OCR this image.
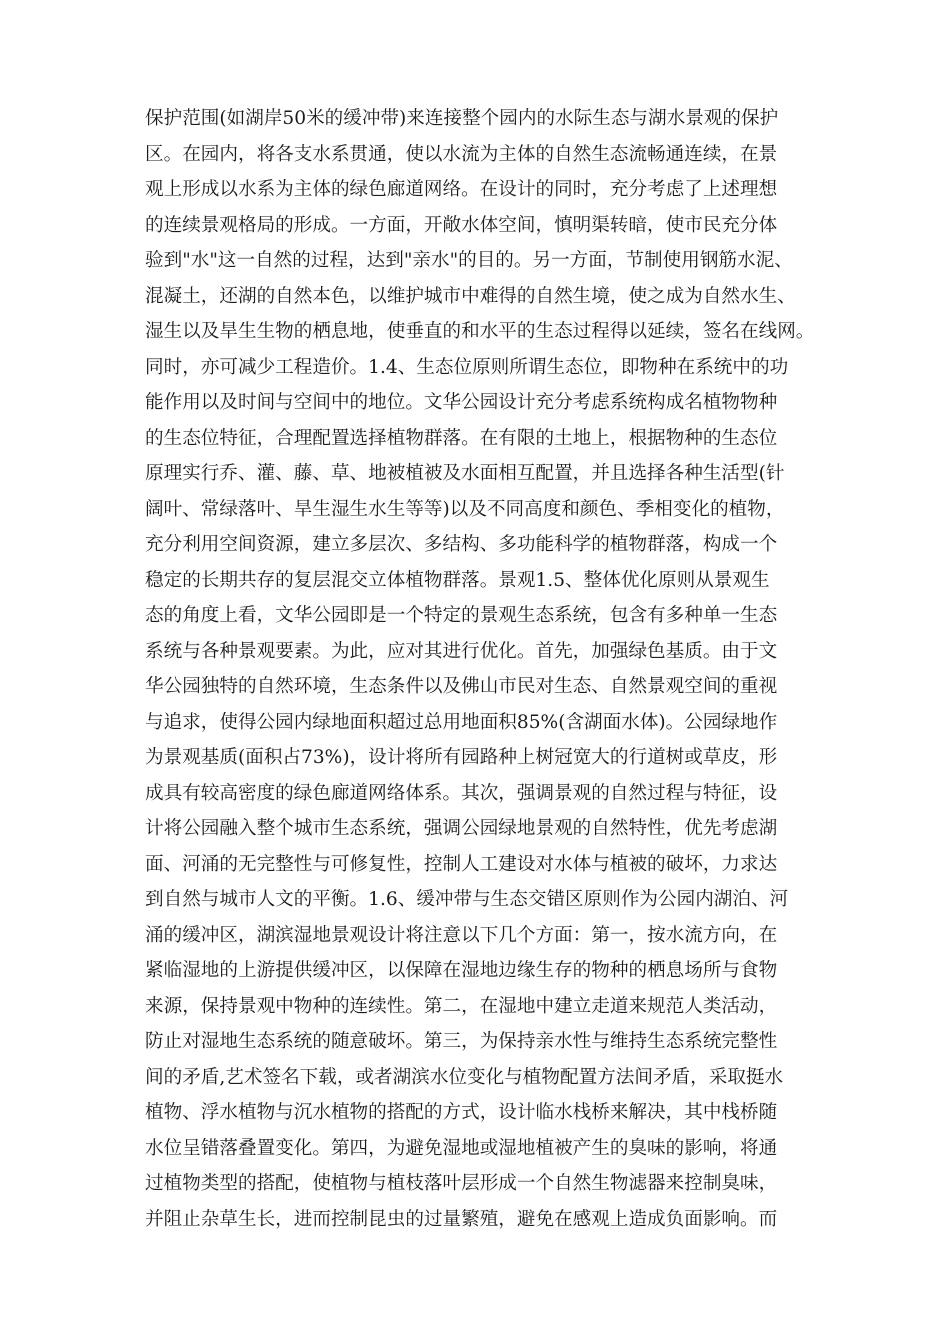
保护范围(如湖岸50米的缓冲带)来连接整个园内的水际生态与湖水景观的保护
区。在园内，将各支水系贯通，使以水流为主体的自然生态流畅通连续，在景
观上形成以水系为主体的绿色廊道网络。在设计的同时，充分考虑了上述理想
的连续景观格局的形成。一方面，开敞水体空间，慎明渠转暗，使市民充分体
验到"水"这一自然的过程，达到"亲水"的目的。另一方面，节制使用钢筋水泥、
混凝土，还湖的自然本色，以维护城市中难得的自然生境，使之成为自然水生、
湿生以及旱生生物的栖息地，使垂直的和水平的生态过程得以延续，签名在线网。
同时，亦可减少工程造价。1.4、生态位原则所谓生态位，即物种在系统中的功
能作用以及时间与空间中的地位。文华公园设计充分考虑系统构成名植物物种
的生态位特征，合理配置选择植物群落。在有限的土地上，根据物种的生态位
原理实行乔、灌、藤、草、地被植被及水面相互配置，并且选择各种生活型(针
阔叶、常绿落叶、旱生湿生水生等等)以及不同高度和颜色、季相变化的植物，
充分利用空间资源，建立多层次、多结构、多功能科学的植物群落，构成一个
稳定的长期共存的复层混交立体植物群落。景观1.5、整体优化原则从景观生
态的角度上看，文华公园即是一个特定的景观生态系统，包含有多种单一生态
系统与各种景观要素。为此，应对其进行优化。首先，加强绿色基质。由于文
华公园独特的自然环境，生态条件以及佛山市民对生态、自然景观空间的重视
与追求，使得公园内绿地面积超过总用地面积85%(含湖面水体)。公园绿地作
为景观基质(面积占73%)，设计将所有园路种上树冠宽大的行道树或草皮，形
成具有较高密度的绿色廊道网络体系。其次，强调景观的自然过程与特征，设
计将公园融入整个城市生态系统，强调公园绿地景观的自然特性，优先考虑湖
面、河涌的无完整性与可修复性，控制人工建设对水体与植被的破坏，力求达
到自然与城市人文的平衡。1.6、缓冲带与生态交错区原则作为公园内湖泊、河
涌的缓冲区，湖滨湿地景观设计将注意以下几个方面：第一，按水流方向，在
紧临湿地的上游提供缓冲区，以保障在湿地边缘生存的物种的栖息场所与食物
来源，保持景观中物种的连续性。第二，在湿地中建立走道来规范人类活动，
防止对湿地生态系统的随意破坏。第三，为保持亲水性与维持生态系统完整性
间的矛盾,艺术签名下载，或者湖滨水位变化与植物配置方法间矛盾，采取挺水
植物、浮水植物与沉水植物的搭配的方式，设计临水栈桥来解决，其中栈桥随
水位呈错落叠置变化。第四，为避免湿地或湿地植被产生的臭味的影响，将通
过植物类型的搭配，使植物与植枝落叶层形成一个自然生物滤器来控制臭味，
并阻止杂草生长，进而控制昆虫的过量繁殖，避免在感观上造成负面影响。而
